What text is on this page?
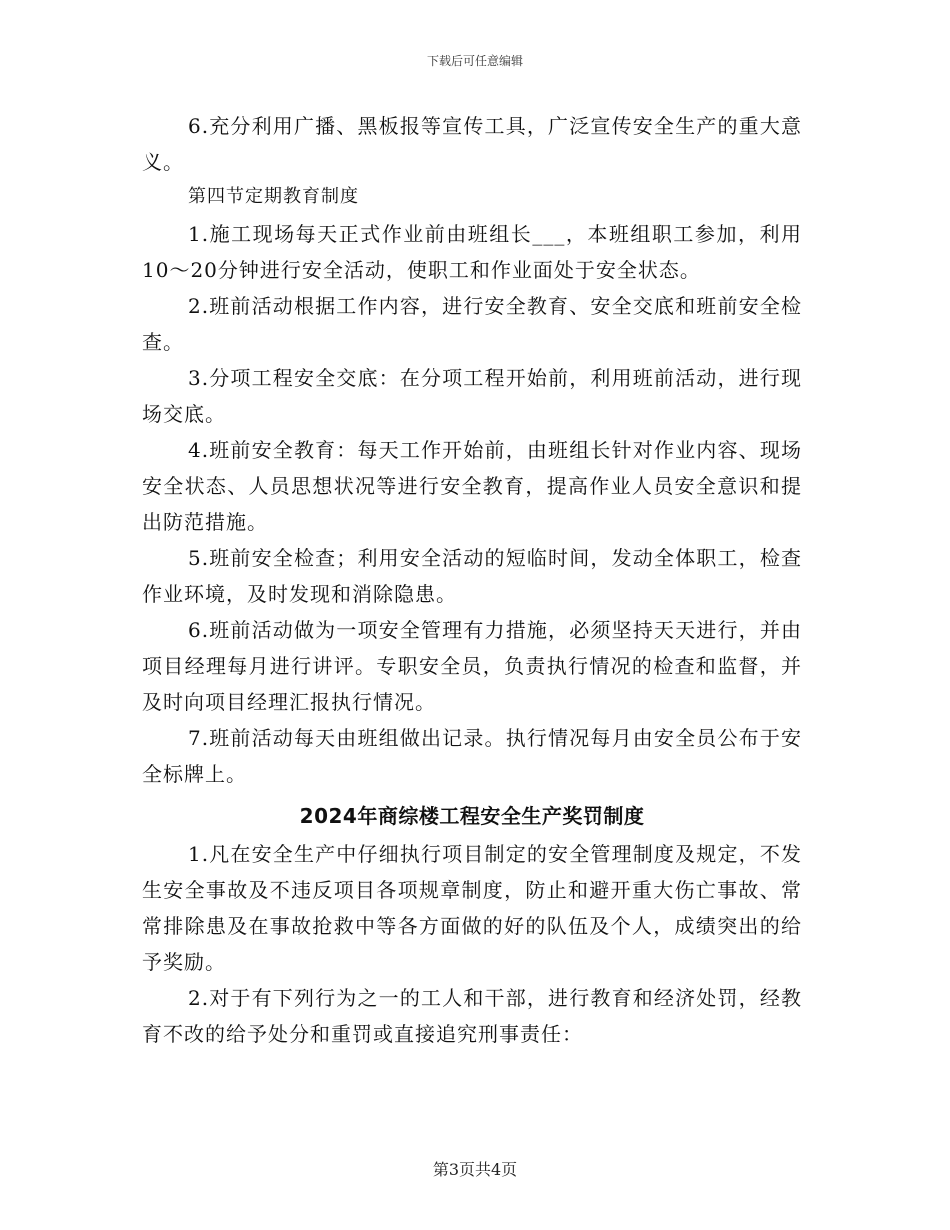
下载后可任意编辑

6.充分利用广播、黑板报等宣传工具，广泛宣传安全生产的重大意义。

第四节定期教育制度

1.施工现场每天正式作业前由班组长___，本班组职工参加，利用10～20分钟进行安全活动，使职工和作业面处于安全状态。

2.班前活动根据工作内容，进行安全教育、安全交底和班前安全检查。

3.分项工程安全交底：在分项工程开始前，利用班前活动，进行现场交底。

4.班前安全教育：每天工作开始前，由班组长针对作业内容、现场安全状态、人员思想状况等进行安全教育，提高作业人员安全意识和提出防范措施。

5.班前安全检查；利用安全活动的短临时间，发动全体职工，检查作业环境，及时发现和消除隐患。

6.班前活动做为一项安全管理有力措施，必须坚持天天进行，并由项目经理每月进行讲评。专职安全员，负责执行情况的检查和监督，并及时向项目经理汇报执行情况。

7.班前活动每天由班组做出记录。执行情况每月由安全员公布于安全标牌上。

2024年商综楼工程安全生产奖罚制度

1.凡在安全生产中仔细执行项目制定的安全管理制度及规定，不发生安全事故及不违反项目各项规章制度，防止和避开重大伤亡事故、常常排除患及在事故抢救中等各方面做的好的队伍及个人，成绩突出的给予奖励。

2.对于有下列行为之一的工人和干部，进行教育和经济处罚，经教育不改的给予处分和重罚或直接追究刑事责任：

第3页共4页
